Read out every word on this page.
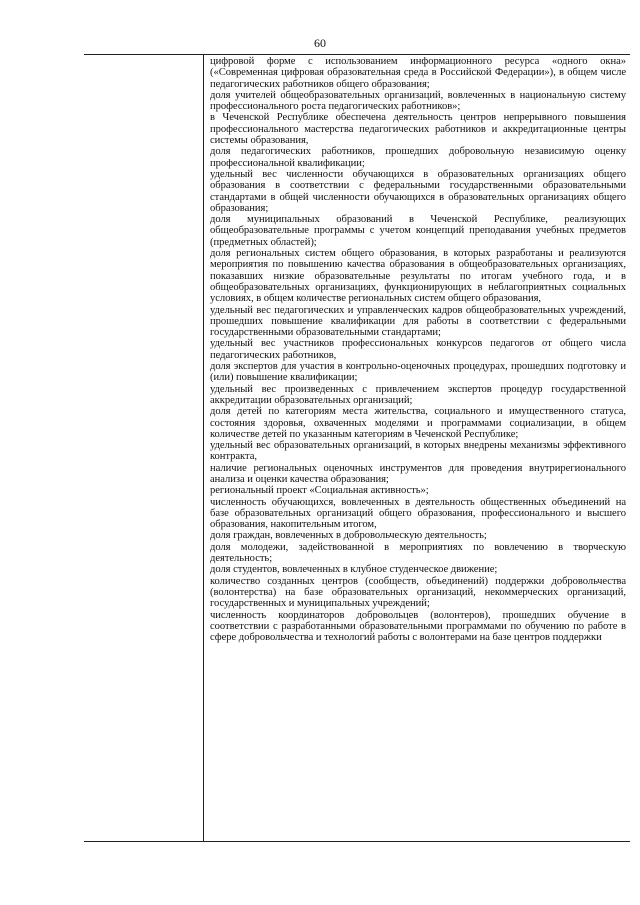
60

цифровой форме с использованием информационного ресурса «одного окна» («Современная цифровая образовательная среда в Российской Федерации»), в общем числе педагогических работников общего образования;

доля учителей общеобразовательных организаций, вовлеченных в национальную систему профессионального роста педагогических работников»;

в Чеченской Республике обеспечена деятельность центров непрерывного повышения профессионального мастерства педагогических работников и аккредитационные центры системы образования,

доля педагогических работников, прошедших добровольную независимую оценку профессиональной квалификации;

удельный вес численности обучающихся в образовательных организациях общего образования в соответствии с федеральными государственными образовательными стандартами в общей численности обучающихся в образовательных организациях общего образования;

доля муниципальных образований в Чеченской Республике, реализующих общеобразовательные программы с учетом концепций преподавания учебных предметов (предметных областей);

доля региональных систем общего образования, в которых разработаны и реализуются мероприятия по повышению качества образования в общеобразовательных организациях, показавших низкие образовательные результаты по итогам учебного года, и в общеобразовательных организациях, функционирующих в неблагоприятных социальных условиях, в общем количестве региональных систем общего образования,

удельный вес педагогических и управленческих кадров общеобразовательных учреждений, прошедших повышение квалификации для работы в соответствии с федеральными государственными образовательными стандартами;

удельный вес участников профессиональных конкурсов педагогов от общего числа педагогических работников,

доля экспертов для участия в контрольно-оценочных процедурах, прошедших подготовку и (или) повышение квалификации;

удельный вес произведенных с привлечением экспертов процедур государственной аккредитации образовательных организаций;

доля детей по категориям места жительства, социального и имущественного статуса, состояния здоровья, охваченных моделями и программами социализации, в общем количестве детей по указанным категориям в Чеченской Республике;

удельный вес образовательных организаций, в которых внедрены механизмы эффективного контракта,

наличие региональных оценочных инструментов для проведения внутрирегионального анализа и оценки качества образования;

региональный проект «Социальная активность»;

численность обучающихся, вовлеченных в деятельность общественных объединений на базе образовательных организаций общего образования, профессионального и высшего образования, накопительным итогом,

доля граждан, вовлеченных в добровольческую деятельность;

доля молодежи, задействованной в мероприятиях по вовлечению в творческую деятельность;

доля студентов, вовлеченных в клубное студенческое движение;

количество созданных центров (сообществ, объединений) поддержки добровольчества (волонтерства) на базе образовательных организаций, некоммерческих организаций, государственных и муниципальных учреждений;

численность координаторов добровольцев (волонтеров), прошедших обучение в соответствии с разработанными образовательными программами по обучению по работе в сфере добровольчества и технологий работы с волонтерами на базе центров поддержки
